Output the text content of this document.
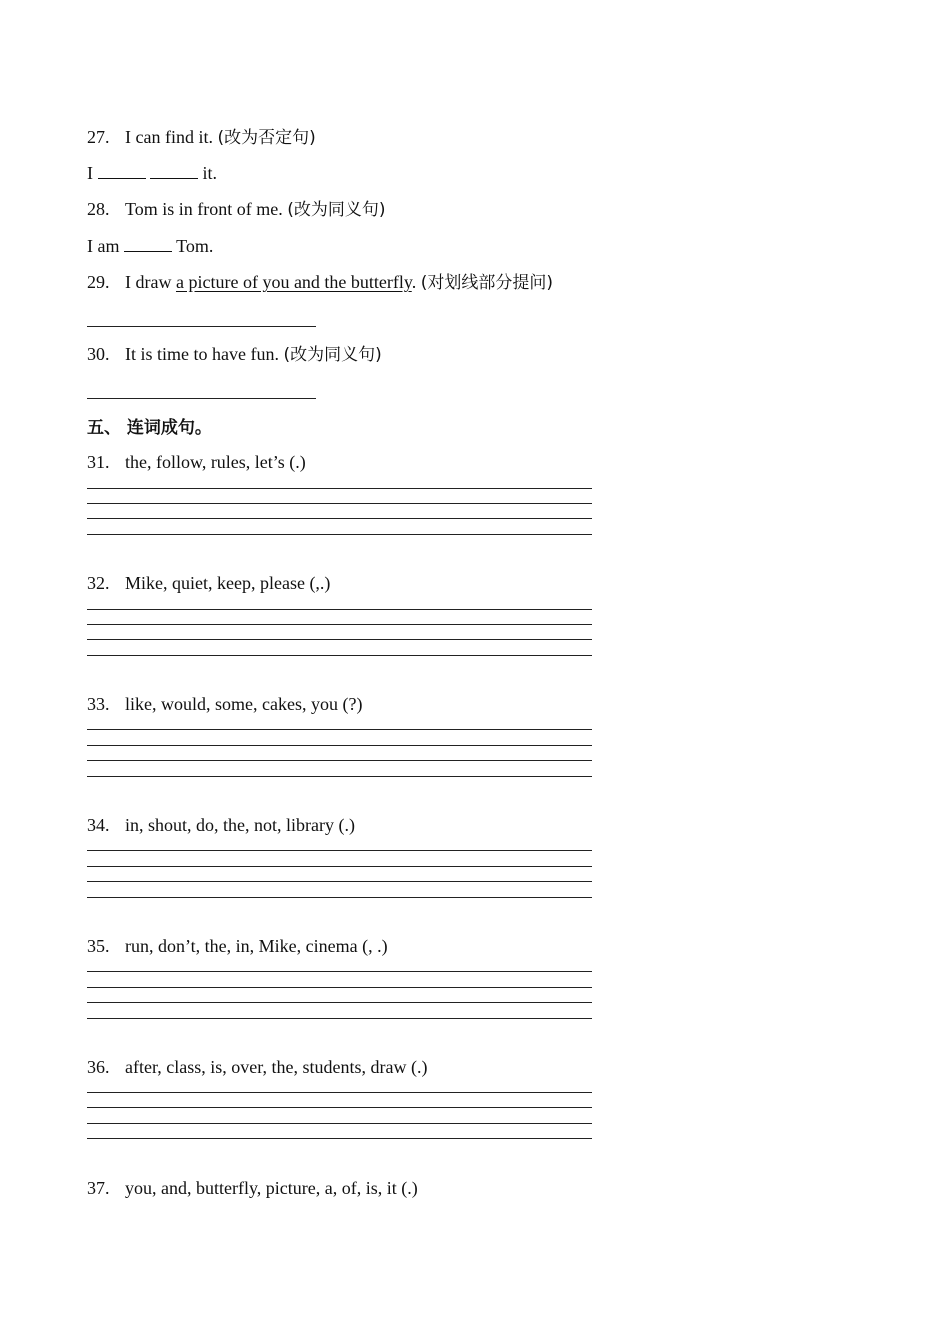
27. I can find it. (改为否定句)
I	it.
28. Tom is in front of me. (改为同义句)
I am	Tom.
29. I draw a picture of you and the butterfly. (对划线部分提问)
30. It is time to have fun. (改为同义句)
五、 连词成句。
31. the, follow, rules, let’s (.)
32. Mike, quiet, keep, please (,.)
33. like, would, some, cakes, you (?)
34. in, shout, do, the, not, library (.)
35. run, don’t, the, in, Mike, cinema (, .)
36. after, class, is, over, the, students, draw (.)
37. you, and, butterfly, picture, a, of, is, it (.)
